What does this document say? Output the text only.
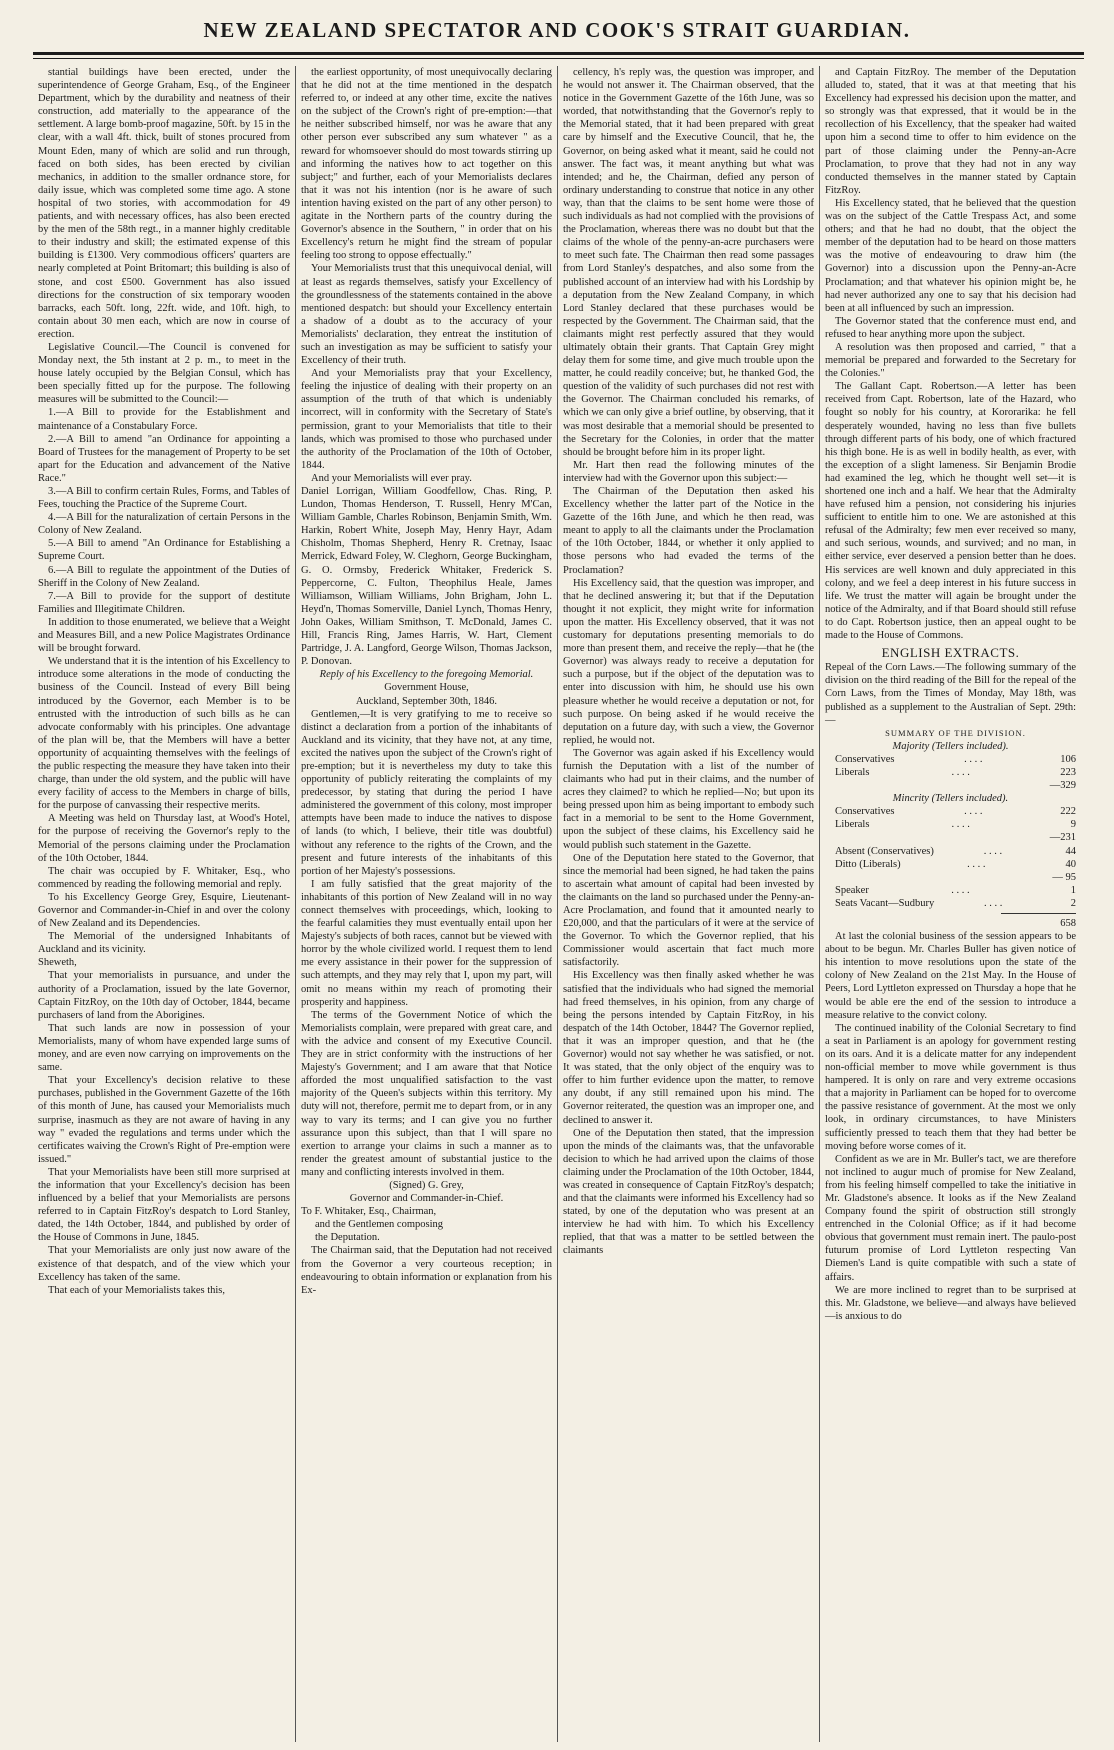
NEW ZEALAND SPECTATOR AND COOK'S STRAIT GUARDIAN.

stantial buildings have been erected, under the superintendence of George Graham, Esq., of the Engineer Department, which by the durability and neatness of their construction, add materially to the appearance of the settlement. A large bomb-proof magazine, 50ft. by 15 in the clear, with a wall 4ft. thick, built of stones procured from Mount Eden, many of which are solid and run through, faced on both sides, has been erected by civilian mechanics, in addition to the smaller ordnance store, for daily issue, which was completed some time ago. A stone hospital of two stories, with accommodation for 49 patients, and with necessary offices, has also been erected by the men of the 58th regt., in a manner highly creditable to their industry and skill; the estimated expense of this building is £1300. Very commodious officers' quarters are nearly completed at Point Britomart; this building is also of stone, and cost £500. Government has also issued directions for the construction of six temporary wooden barracks, each 50ft. long, 22ft. wide, and 10ft. high, to contain about 30 men each, which are now in course of erection.

Legislative Council.—The Council is convened for Monday next, the 5th instant at 2 p. m., to meet in the house lately occupied by the Belgian Consul, which has been specially fitted up for the purpose. The following measures will be submitted to the Council:—

1.—A Bill to provide for the Establishment and maintenance of a Constabulary Force.

2.—A Bill to amend "an Ordinance for appointing a Board of Trustees for the management of Property to be set apart for the Education and advancement of the Native Race."

3.—A Bill to confirm certain Rules, Forms, and Tables of Fees, touching the Practice of the Supreme Court.

4.—A Bill for the naturalization of certain Persons in the Colony of New Zealand.

5.—A Bill to amend "An Ordinance for Establishing a Supreme Court.

6.—A Bill to regulate the appointment of the Duties of Sheriff in the Colony of New Zealand.

7.—A Bill to provide for the support of destitute Families and Illegitimate Children.

In addition to those enumerated, we believe that a Weight and Measures Bill, and a new Police Magistrates Ordinance will be brought forward.

We understand that it is the intention of his Excellency to introduce some alterations in the mode of conducting the business of the Council. Instead of every Bill being introduced by the Governor, each Member is to be entrusted with the introduction of such bills as he can advocate conformably with his principles. One advantage of the plan will be, that the Members will have a better opportunity of acquainting themselves with the feelings of the public respecting the measure they have taken into their charge, than under the old system, and the public will have every facility of access to the Members in charge of bills, for the purpose of canvassing their respective merits.

A Meeting was held on Thursday last, at Wood's Hotel, for the purpose of receiving the Governor's reply to the Memorial of the persons claiming under the Proclamation of the 10th October, 1844.

The chair was occupied by F. Whitaker, Esq., who commenced by reading the following memorial and reply.

To his Excellency George Grey, Esquire, Lieutenant-Governor and Commander-in-Chief in and over the colony of New Zealand and its Dependencies.

The Memorial of the undersigned Inhabitants of Auckland and its vicinity.

Sheweth,

That your memorialists in pursuance, and under the authority of a Proclamation, issued by the late Governor, Captain FitzRoy, on the 10th day of October, 1844, became purchasers of land from the Aborigines.

That such lands are now in possession of your Memorialists, many of whom have expended large sums of money, and are even now carrying on improvements on the same.

That your Excellency's decision relative to these purchases, published in the Government Gazette of the 16th of this month of June, has caused your Memorialists much surprise, inasmuch as they are not aware of having in any way " evaded the regulations and terms under which the certificates waiving the Crown's Right of Pre-emption were issued."

That your Memorialists have been still more surprised at the information that your Excellency's decision has been influenced by a belief that your Memorialists are persons referred to in Captain FitzRoy's despatch to Lord Stanley, dated, the 14th October, 1844, and published by order of the House of Commons in June, 1845.

That your Memorialists are only just now aware of the existence of that despatch, and of the view which your Excellency has taken of the same.

That each of your Memorialists takes this,

the earliest opportunity, of most unequivocally declaring that he did not at the time mentioned in the despatch referred to, or indeed at any other time, excite the natives on the subject of the Crown's right of pre-emption:—that he neither subscribed himself, nor was he aware that any other person ever subscribed any sum whatever " as a reward for whomsoever should do most towards stirring up and informing the natives how to act together on this subject;" and further, each of your Memorialists declares that it was not his intention (nor is he aware of such intention having existed on the part of any other person) to agitate in the Northern parts of the country during the Governor's absence in the Southern, " in order that on his Excellency's return he might find the stream of popular feeling too strong to oppose effectually."

Your Memorialists trust that this unequivocal denial, will at least as regards themselves, satisfy your Excellency of the groundlessness of the statements contained in the above mentioned despatch: but should your Excellency entertain a shadow of a doubt as to the accuracy of your Memorialists' declaration, they entreat the institution of such an investigation as may be sufficient to satisfy your Excellency of their truth.

And your Memorialists pray that your Excellency, feeling the injustice of dealing with their property on an assumption of the truth of that which is undeniably incorrect, will in conformity with the Secretary of State's permission, grant to your Memorialists that title to their lands, which was promised to those who purchased under the authority of the Proclamation of the 10th of October, 1844.

And your Memorialists will ever pray.

Daniel Lorrigan, William Goodfellow, Chas. Ring, P. Lundon, Thomas Henderson, T. Russell, Henry M'Can, William Gamble, Charles Robinson, Benjamin Smith, Wm. Harkin, Robert White, Joseph May, Henry Hayr, Adam Chisholm, Thomas Shepherd, Henry R. Cretnay, Isaac Merrick, Edward Foley, W. Cleghorn, George Buckingham, G. O. Ormsby, Frederick Whitaker, Frederick S. Peppercorne, C. Fulton, Theophilus Heale, James Williamson, William Williams, John Brigham, John L. Heyd'n, Thomas Somerville, Daniel Lynch, Thomas Henry, John Oakes, William Smithson, T. McDonald, James C. Hill, Francis Ring, James Harris, W. Hart, Clement Partridge, J. A. Langford, George Wilson, Thomas Jackson, P. Donovan.

Reply of his Excellency to the foregoing Memorial.

Government House,

Auckland, September 30th, 1846.

Gentlemen,—It is very gratifying to me to receive so distinct a declaration from a portion of the inhabitants of Auckland and its vicinity, that they have not, at any time, excited the natives upon the subject of the Crown's right of pre-emption; but it is nevertheless my duty to take this opportunity of publicly reiterating the complaints of my predecessor, by stating that during the period I have administered the government of this colony, most improper attempts have been made to induce the natives to dispose of lands (to which, I believe, their title was doubtful) without any reference to the rights of the Crown, and the present and future interests of the inhabitants of this portion of her Majesty's possessions.

I am fully satisfied that the great majority of the inhabitants of this portion of New Zealand will in no way connect themselves with proceedings, which, looking to the fearful calamities they must eventually entail upon her Majesty's subjects of both races, cannot but be viewed with horror by the whole civilized world. I request them to lend me every assistance in their power for the suppression of such attempts, and they may rely that I, upon my part, will omit no means within my reach of promoting their prosperity and happiness.

The terms of the Government Notice of which the Memorialists complain, were prepared with great care, and with the advice and consent of my Executive Council. They are in strict conformity with the instructions of her Majesty's Government; and I am aware that that Notice afforded the most unqualified satisfaction to the vast majority of the Queen's subjects within this territory. My duty will not, therefore, permit me to depart from, or in any way to vary its terms; and I can give you no further assurance upon this subject, than that I will spare no exertion to arrange your claims in such a manner as to render the greatest amount of substantial justice to the many and conflicting interests involved in them.

(Signed) G. Grey,

Governor and Commander-in-Chief.

To F. Whitaker, Esq., Chairman,

and the Gentlemen composing

the Deputation.

The Chairman said, that the Deputation had not received from the Governor a very courteous reception; in endeavouring to obtain information or explanation from his Ex-

cellency, h's reply was, the question was improper, and he would not answer it. The Chairman observed, that the notice in the Government Gazette of the 16th June, was so worded, that notwithstanding that the Governor's reply to the Memorial stated, that it had been prepared with great care by himself and the Executive Council, that he, the Governor, on being asked what it meant, said he could not answer. The fact was, it meant anything but what was intended; and he, the Chairman, defied any person of ordinary understanding to construe that notice in any other way, than that the claims to be sent home were those of such individuals as had not complied with the provisions of the Proclamation, whereas there was no doubt but that the claims of the whole of the penny-an-acre purchasers were to meet such fate. The Chairman then read some passages from Lord Stanley's despatches, and also some from the published account of an interview had with his Lordship by a deputation from the New Zealand Company, in which Lord Stanley declared that these purchases would be respected by the Government. The Chairman said, that the claimants might rest perfectly assured that they would ultimately obtain their grants. That Captain Grey might delay them for some time, and give much trouble upon the matter, he could readily conceive; but, he thanked God, the question of the validity of such purchases did not rest with the Governor. The Chairman concluded his remarks, of which we can only give a brief outline, by observing, that it was most desirable that a memorial should be presented to the Secretary for the Colonies, in order that the matter should be brought before him in its proper light.

Mr. Hart then read the following minutes of the interview had with the Governor upon this subject:—

The Chairman of the Deputation then asked his Excellency whether the latter part of the Notice in the Gazette of the 16th June, and which he then read, was meant to apply to all the claimants under the Proclamation of the 10th October, 1844, or whether it only applied to those persons who had evaded the terms of the Proclamation?

His Excellency said, that the question was improper, and that he declined answering it; but that if the Deputation thought it not explicit, they might write for information upon the matter. His Excellency observed, that it was not customary for deputations presenting memorials to do more than present them, and receive the reply—that he (the Governor) was always ready to receive a deputation for such a purpose, but if the object of the deputation was to enter into discussion with him, he should use his own pleasure whether he would receive a deputation or not, for such purpose. On being asked if he would receive the deputation on a future day, with such a view, the Governor replied, he would not.

The Governor was again asked if his Excellency would furnish the Deputation with a list of the number of claimants who had put in their claims, and the number of acres they claimed? to which he replied—No; but upon its being pressed upon him as being important to embody such fact in a memorial to be sent to the Home Government, upon the subject of these claims, his Excellency said he would publish such statement in the Gazette.

One of the Deputation here stated to the Governor, that since the memorial had been signed, he had taken the pains to ascertain what amount of capital had been invested by the claimants on the land so purchased under the Penny-an-Acre Proclamation, and found that it amounted nearly to £20,000, and that the particulars of it were at the service of the Governor. To which the Governor replied, that his Commissioner would ascertain that fact much more satisfactorily.

His Excellency was then finally asked whether he was satisfied that the individuals who had signed the memorial had freed themselves, in his opinion, from any charge of being the persons intended by Captain FitzRoy, in his despatch of the 14th October, 1844? The Governor replied, that it was an improper question, and that he (the Governor) would not say whether he was satisfied, or not. It was stated, that the only object of the enquiry was to offer to him further evidence upon the matter, to remove any doubt, if any still remained upon his mind. The Governor reiterated, the question was an improper one, and declined to answer it.

One of the Deputation then stated, that the impression upon the minds of the claimants was, that the unfavorable decision to which he had arrived upon the claims of those claiming under the Proclamation of the 10th October, 1844, was created in consequence of Captain FitzRoy's despatch; and that the claimants were informed his Excellency had so stated, by one of the deputation who was present at an interview he had with him. To which his Excellency replied, that that was a matter to be settled between the claimants

and Captain FitzRoy. The member of the Deputation alluded to, stated, that it was at that meeting that his Excellency had expressed his decision upon the matter, and so strongly was that expressed, that it would be in the recollection of his Excellency, that the speaker had waited upon him a second time to offer to him evidence on the part of those claiming under the Penny-an-Acre Proclamation, to prove that they had not in any way conducted themselves in the manner stated by Captain FitzRoy.

His Excellency stated, that he believed that the question was on the subject of the Cattle Trespass Act, and some others; and that he had no doubt, that the object the member of the deputation had to be heard on those matters was the motive of endeavouring to draw him (the Governor) into a discussion upon the Penny-an-Acre Proclamation; and that whatever his opinion might be, he had never authorized any one to say that his decision had been at all influenced by such an impression.

The Governor stated that the conference must end, and refused to hear anything more upon the subject.

A resolution was then proposed and carried, " that a memorial be prepared and forwarded to the Secretary for the Colonies."

The Gallant Capt. Robertson.—A letter has been received from Capt. Robertson, late of the Hazard, who fought so nobly for his country, at Kororarika: he fell desperately wounded, having no less than five bullets through different parts of his body, one of which fractured his thigh bone. He is as well in bodily health, as ever, with the exception of a slight lameness. Sir Benjamin Brodie had examined the leg, which he thought well set—it is shortened one inch and a half. We hear that the Admiralty have refused him a pension, not considering his injuries sufficient to entitle him to one. We are astonished at this refusal of the Admiralty; few men ever received so many, and such serious, wounds, and survived; and no man, in either service, ever deserved a pension better than he does. His services are well known and duly appreciated in this colony, and we feel a deep interest in his future success in life. We trust the matter will again be brought under the notice of the Admiralty, and if that Board should still refuse to do Capt. Robertson justice, then an appeal ought to be made to the House of Commons.

ENGLISH EXTRACTS.

Repeal of the Corn Laws.—The following summary of the division on the third reading of the Bill for the repeal of the Corn Laws, from the Times of Monday, May 18th, was published as a supplement to the Australian of Sept. 29th:—

SUMMARY OF THE DIVISION.

Majority (Tellers included).

Conservatives	. . . .	106

Liberals	. . . .	223

—329

Mincrity (Tellers included).

Conservatives	. . . .	222

Liberals	. . . .	9

—231

Absent (Conservatives)	. . . .	44

Ditto (Liberals)	. . . .	40

— 95

Speaker	. . . .	1

Seats Vacant—Sudbury	. . . .	2

658

At last the colonial business of the session appears to be about to be begun. Mr. Charles Buller has given notice of his intention to move resolutions upon the state of the colony of New Zealand on the 21st May. In the House of Peers, Lord Lyttleton expressed on Thursday a hope that he would be able ere the end of the session to introduce a measure relative to the convict colony.

The continued inability of the Colonial Secretary to find a seat in Parliament is an apology for government resting on its oars. And it is a delicate matter for any independent non-official member to move while government is thus hampered. It is only on rare and very extreme occasions that a majority in Parliament can be hoped for to overcome the passive resistance of government. At the most we only look, in ordinary circumstances, to have Ministers sufficiently pressed to teach them that they had better be moving before worse comes of it.

Confident as we are in Mr. Buller's tact, we are therefore not inclined to augur much of promise for New Zealand, from his feeling himself compelled to take the initiative in Mr. Gladstone's absence. It looks as if the New Zealand Company found the spirit of obstruction still strongly entrenched in the Colonial Office; as if it had become obvious that government must remain inert. The paulo-post futurum promise of Lord Lyttleton respecting Van Diemen's Land is quite compatible with such a state of affairs.

We are more inclined to regret than to be surprised at this. Mr. Gladstone, we believe—and always have believed—is anxious to do
